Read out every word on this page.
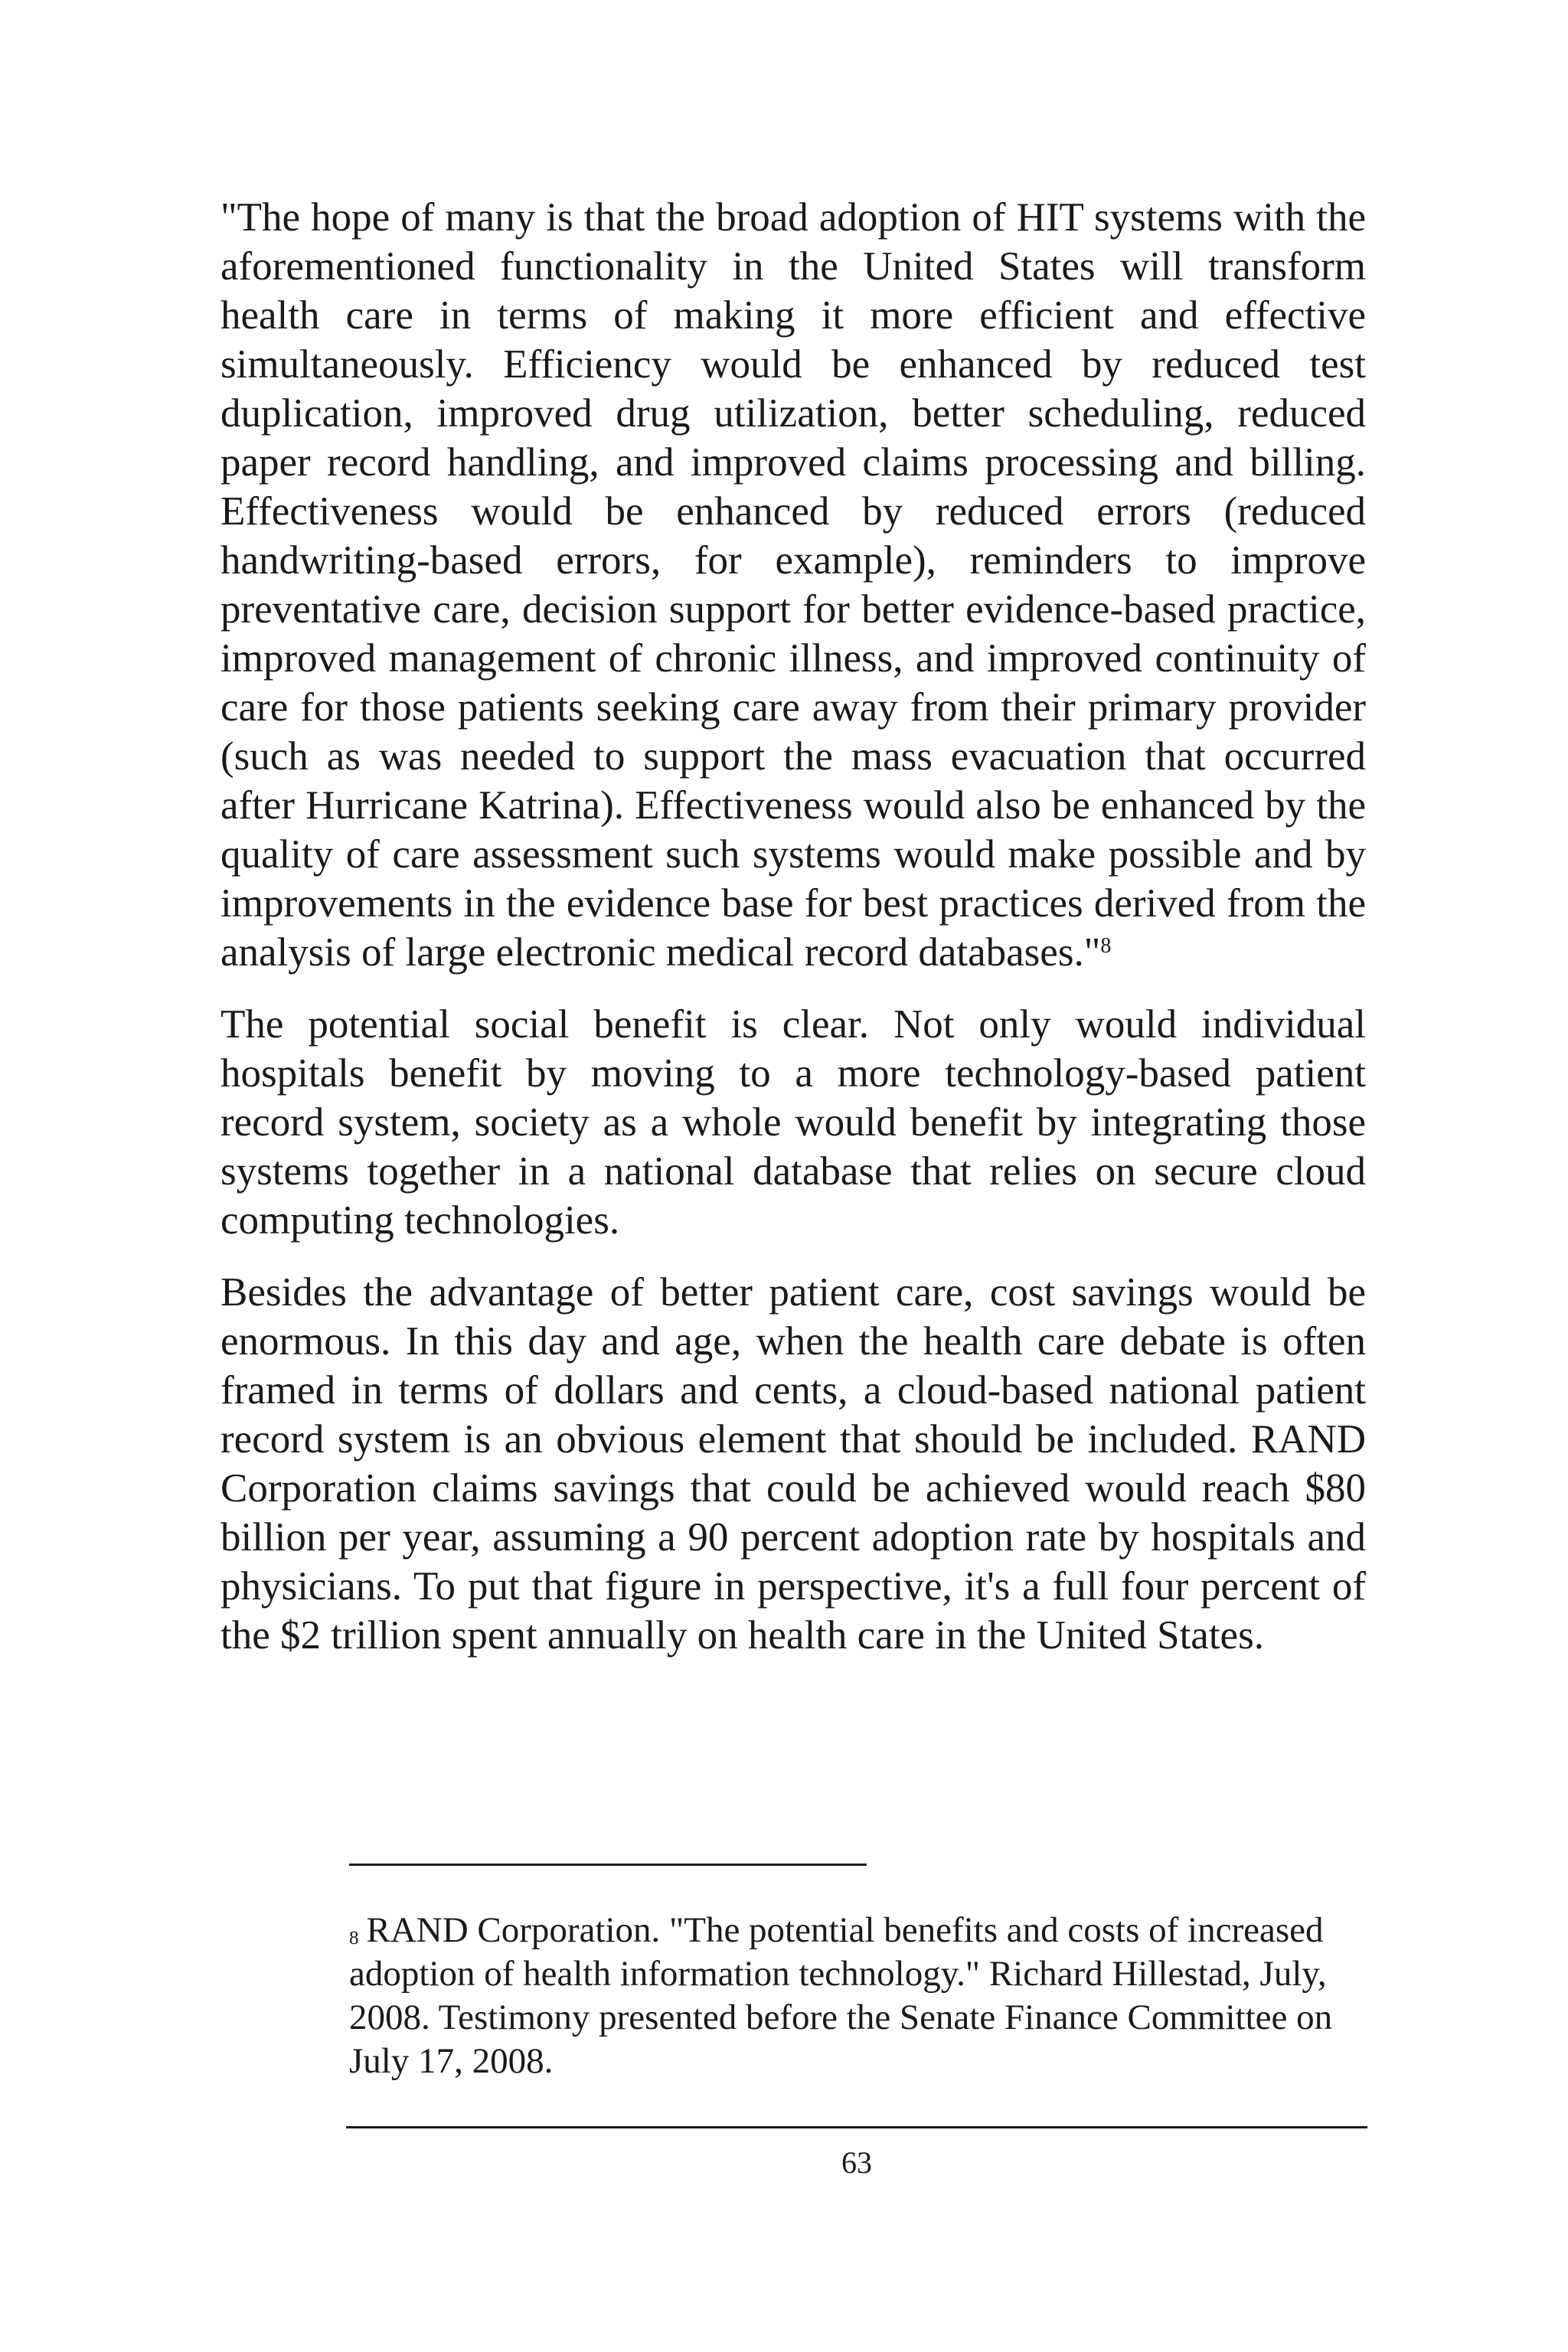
"The hope of many is that the broad adoption of HIT systems with the aforementioned functionality in the United States will transform health care in terms of making it more efficient and effective simultaneously. Efficiency would be enhanced by reduced test duplication, improved drug utilization, better scheduling, reduced paper record handling, and improved claims processing and billing. Effectiveness would be enhanced by reduced errors (reduced handwriting-based errors, for example), reminders to improve preventative care, decision support for better evidence-based practice, improved management of chronic illness, and improved continuity of care for those patients seeking care away from their primary provider (such as was needed to support the mass evacuation that occurred after Hurricane Katrina). Effectiveness would also be enhanced by the quality of care assessment such systems would make possible and by improvements in the evidence base for best practices derived from the analysis of large electronic medical record databases."$^8$

The potential social benefit is clear. Not only would individual hospitals benefit by moving to a more technology-based patient record system, society as a whole would benefit by integrating those systems together in a national database that relies on secure cloud computing technologies.

Besides the advantage of better patient care, cost savings would be enormous. In this day and age, when the health care debate is often framed in terms of dollars and cents, a cloud-based national patient record system is an obvious element that should be included. RAND Corporation claims savings that could be achieved would reach $80 billion per year, assuming a 90 percent adoption rate by hospitals and physicians. To put that figure in perspective, it's a full four percent of the $2 trillion spent annually on health care in the United States.

$^8$ RAND Corporation. "The potential benefits and costs of increased adoption of health information technology." Richard Hillestad, July, 2008. Testimony presented before the Senate Finance Committee on July 17, 2008.
63
